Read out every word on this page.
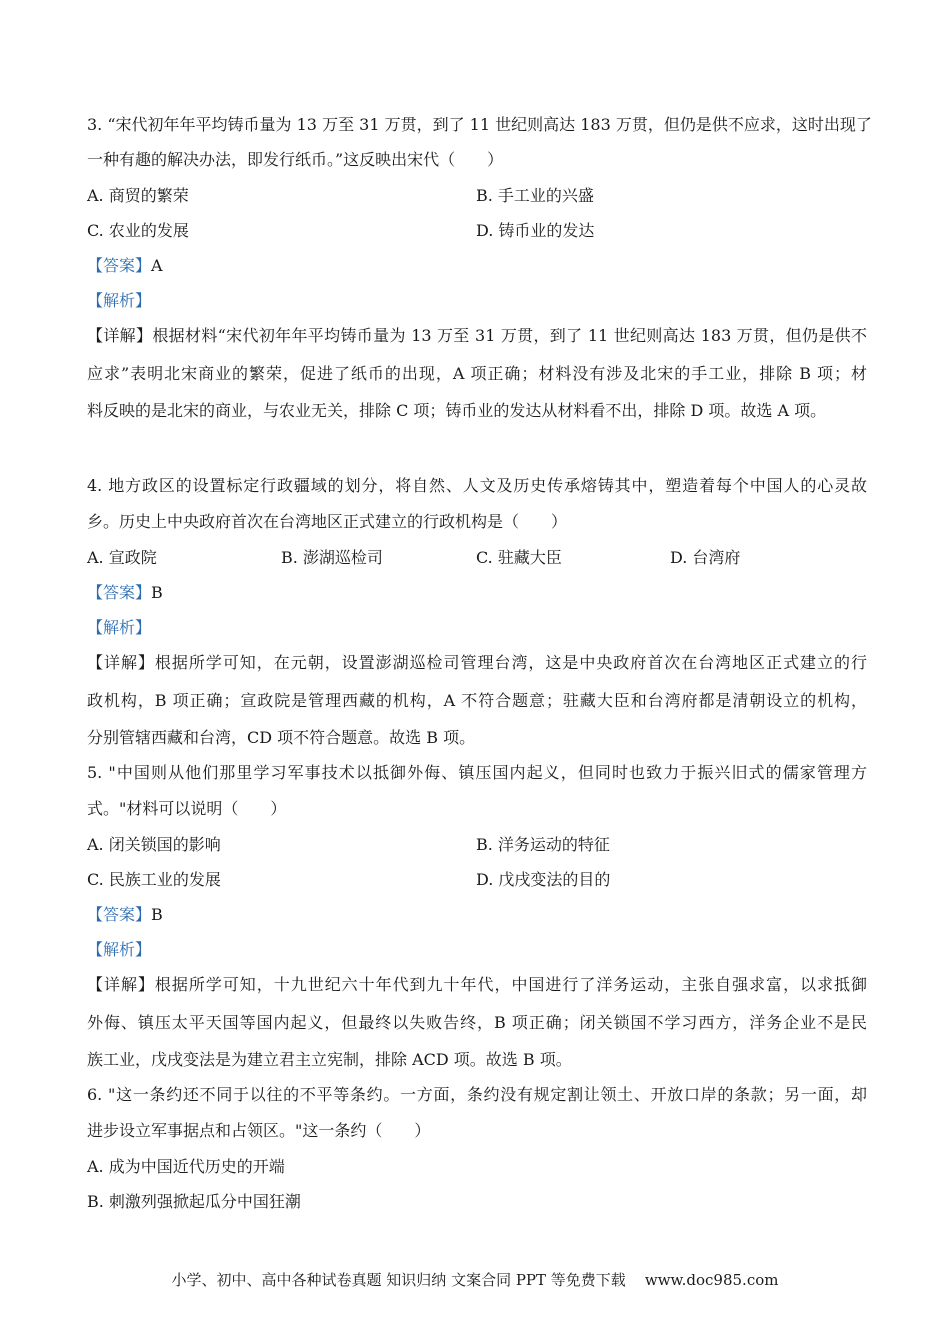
3. “宋代初年年平均铸币量为 13 万至 31 万贯，到了 11 世纪则高达 183 万贯，但仍是供不应求，这时出现了
一种有趣的解决办法，即发行纸币。”这反映出宋代（　　）
A. 商贸的繁荣	B. 手工业的兴盛
C. 农业的发展	D. 铸币业的发达
【答案】A
【解析】
【详解】根据材料“宋代初年年平均铸币量为 13 万至 31 万贯，到了 11 世纪则高达 183 万贯，但仍是供不
应求”表明北宋商业的繁荣，促进了纸币的出现，A 项正确；材料没有涉及北宋的手工业，排除 B 项；材
料反映的是北宋的商业，与农业无关，排除 C 项；铸币业的发达从材料看不出，排除 D 项。故选 A 项。
4. 地方政区的设置标定行政疆域的划分，将自然、人文及历史传承熔铸其中，塑造着每个中国人的心灵故
乡。历史上中央政府首次在台湾地区正式建立的行政机构是（　　）
A. 宣政院	B. 澎湖巡检司	C. 驻藏大臣	D. 台湾府
【答案】B
【解析】
【详解】根据所学可知，在元朝，设置澎湖巡检司管理台湾，这是中央政府首次在台湾地区正式建立的行
政机构，B 项正确；宣政院是管理西藏的机构，A 不符合题意；驻藏大臣和台湾府都是清朝设立的机构，
分别管辖西藏和台湾，CD 项不符合题意。故选 B 项。
5. "中国则从他们那里学习军事技术以抵御外侮、镇压国内起义，但同时也致力于振兴旧式的儒家管理方
式。"材料可以说明（　　）
A. 闭关锁国的影响	B. 洋务运动的特征
C. 民族工业的发展	D. 戊戌变法的目的
【答案】B
【解析】
【详解】根据所学可知，十九世纪六十年代到九十年代，中国进行了洋务运动，主张自强求富，以求抵御
外侮、镇压太平天国等国内起义，但最终以失败告终，B 项正确；闭关锁国不学习西方，洋务企业不是民
族工业，戊戌变法是为建立君主立宪制，排除 ACD 项。故选 B 项。
6. "这一条约还不同于以往的不平等条约。一方面，条约没有规定割让领土、开放口岸的条款；另一面，却
进步设立军事据点和占领区。"这一条约（　　）
A. 成为中国近代历史的开端
B. 刺激列强掀起瓜分中国狂潮
小学、初中、高中各种试卷真题 知识归纳 文案合同 PPT 等免费下载 www.doc985.com
